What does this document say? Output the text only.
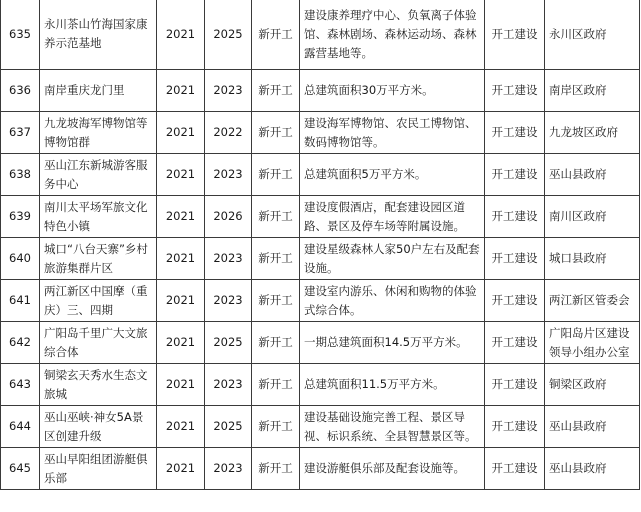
635	永川茶山竹海国家康养示范基地	2021	2025	新开工	建设康养理疗中心、负氧离子体验馆、森林剧场、森林运动场、森林露营基地等。	开工建设	永川区政府
636	南岸重庆龙门里	2021	2023	新开工	总建筑面积30万平方米。	开工建设	南岸区政府
637	九龙坡海军博物馆等博物馆群	2021	2022	新开工	建设海军博物馆、农民工博物馆、数码博物馆等。	开工建设	九龙坡区政府
638	巫山江东新城游客服务中心	2021	2023	新开工	总建筑面积5万平方米。	开工建设	巫山县政府
639	南川太平场军旅文化特色小镇	2021	2026	新开工	建设度假酒店，配套建设园区道路、景区及停车场等附属设施。	开工建设	南川区政府
640	城口“八台天寨”乡村旅游集群片区	2021	2023	新开工	建设星级森林人家50户左右及配套设施。	开工建设	城口县政府
641	两江新区中国摩（重庆）三、四期	2021	2023	新开工	建设室内游乐、休闲和购物的体验式综合体。	开工建设	两江新区管委会
642	广阳岛千里广大文旅综合体	2021	2025	新开工	一期总建筑面积14.5万平方米。	开工建设	广阳岛片区建设领导小组办公室
643	铜梁玄天秀水生态文旅城	2021	2023	新开工	总建筑面积11.5万平方米。	开工建设	铜梁区政府
644	巫山巫峡·神女5A景区创建升级	2021	2025	新开工	建设基础设施完善工程、景区导视、标识系统、全县智慧景区等。	开工建设	巫山县政府
645	巫山早阳组团游艇俱乐部	2021	2023	新开工	建设游艇俱乐部及配套设施等。	开工建设	巫山县政府
